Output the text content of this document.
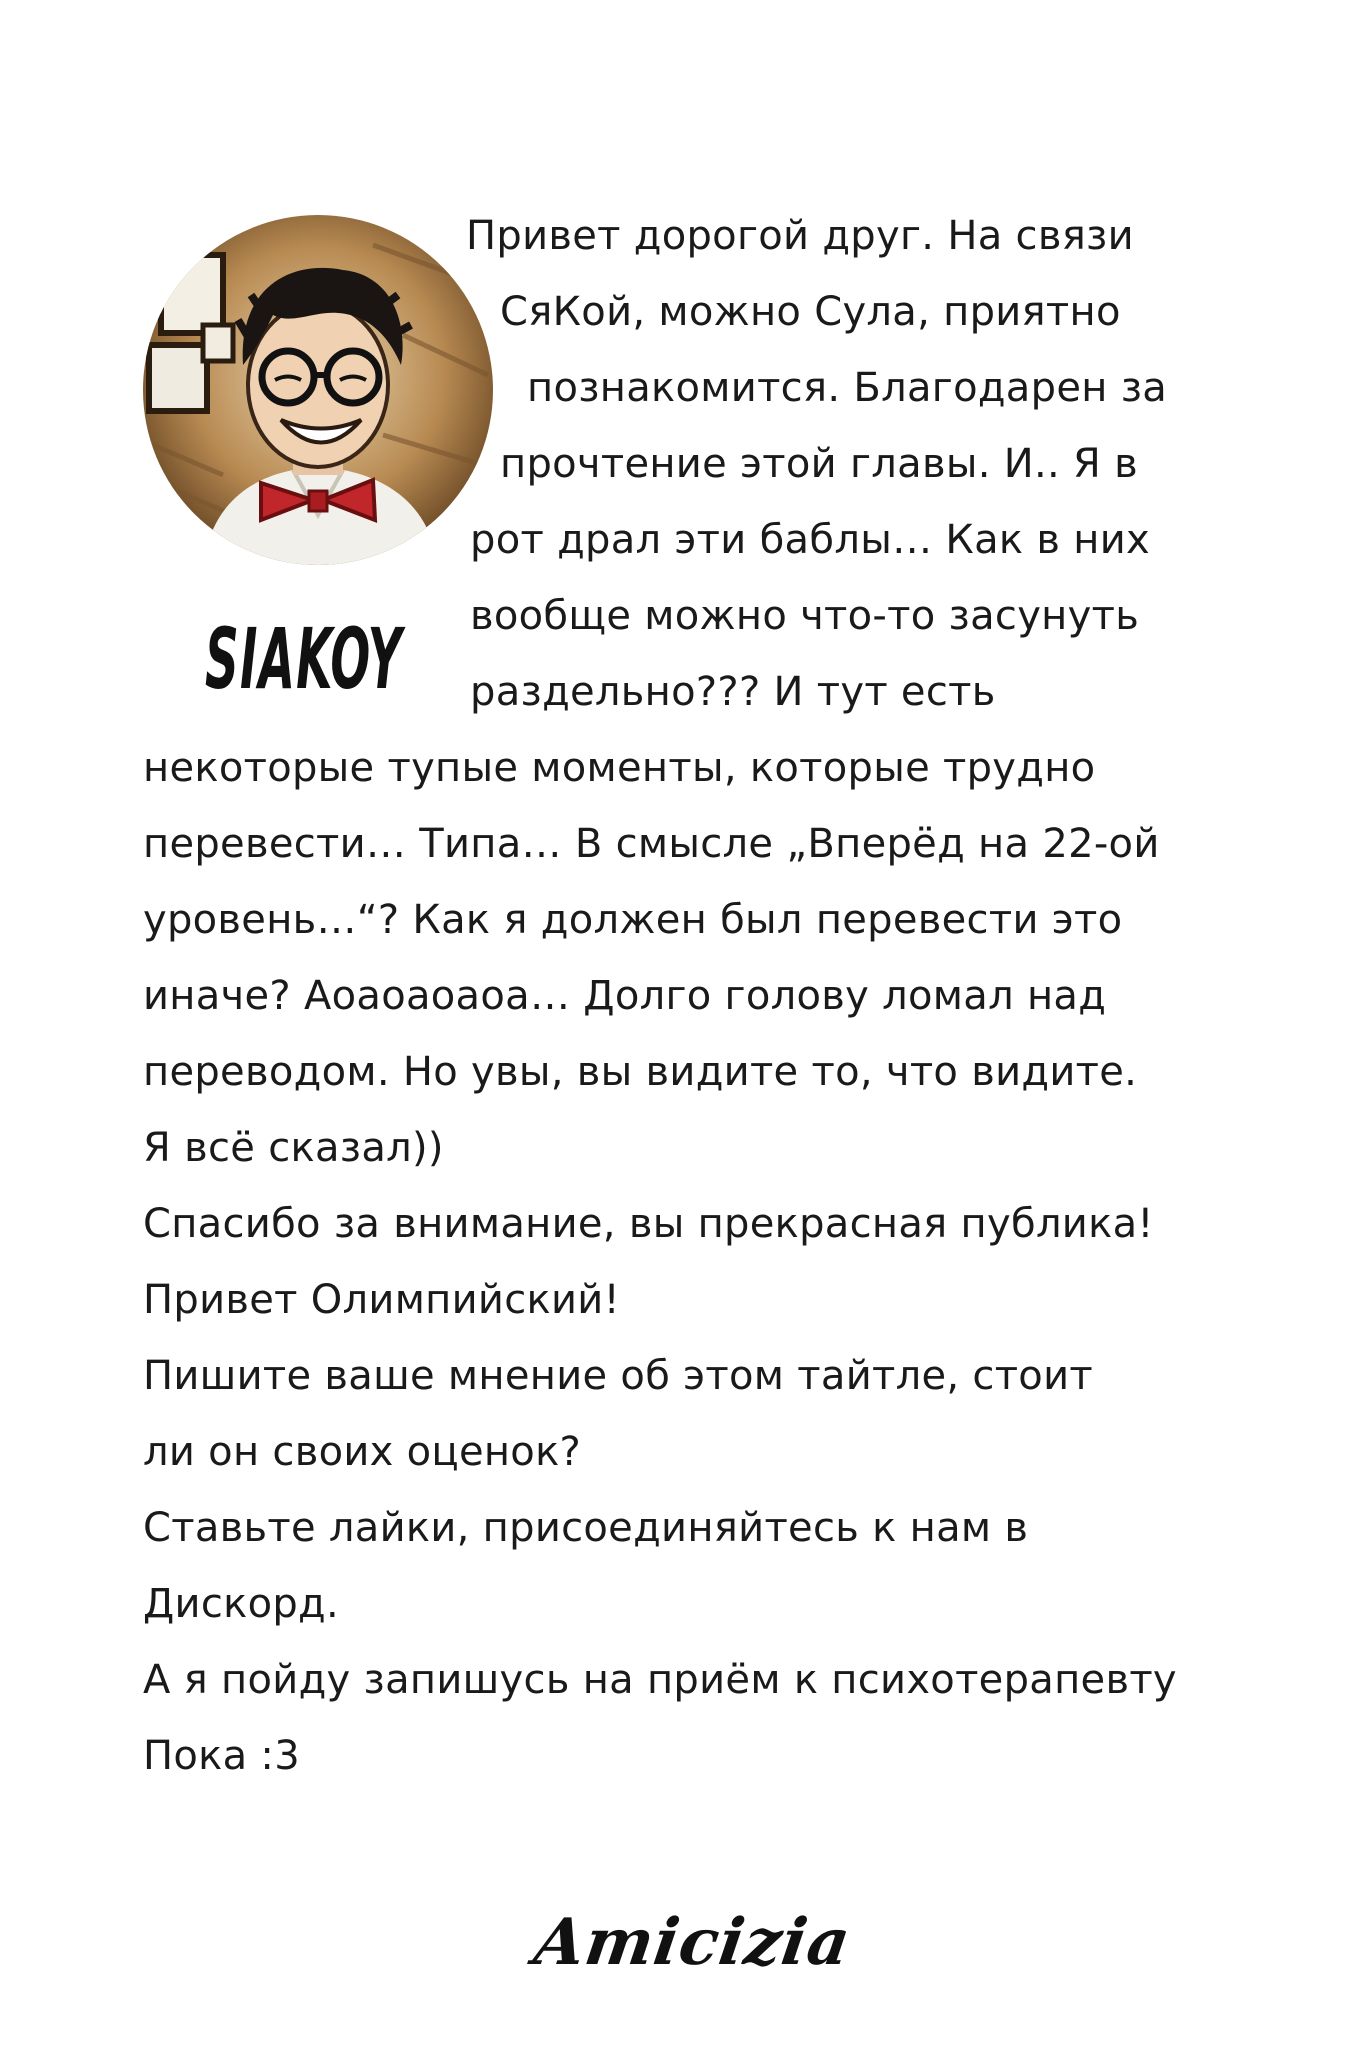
SIAKOY
Привет дорогой друг. На связи
СяКой, можно Сула, приятно
познакомится. Благодарен за
прочтение этой главы. И.. Я в
рот драл эти баблы… Как в них
вообще можно что-то засунуть
раздельно??? И тут есть
некоторые тупые моменты, которые трудно
перевести… Типа… В смысле „Вперёд на 22-ой
уровень…“? Как я должен был перевести это
иначе? Аоаоаоаоа… Долго голову ломал над
переводом. Но увы, вы видите то, что видите.
Я всё сказал))
Спасибо за внимание, вы прекрасная публика!
Привет Олимпийский!
Пишите ваше мнение об этом тайтле, стоит
ли он своих оценок?
Ставьте лайки, присоединяйтесь к нам в
Дискорд.
А я пойду запишусь на приём к психотерапевту
Пока :3
Amicizia
